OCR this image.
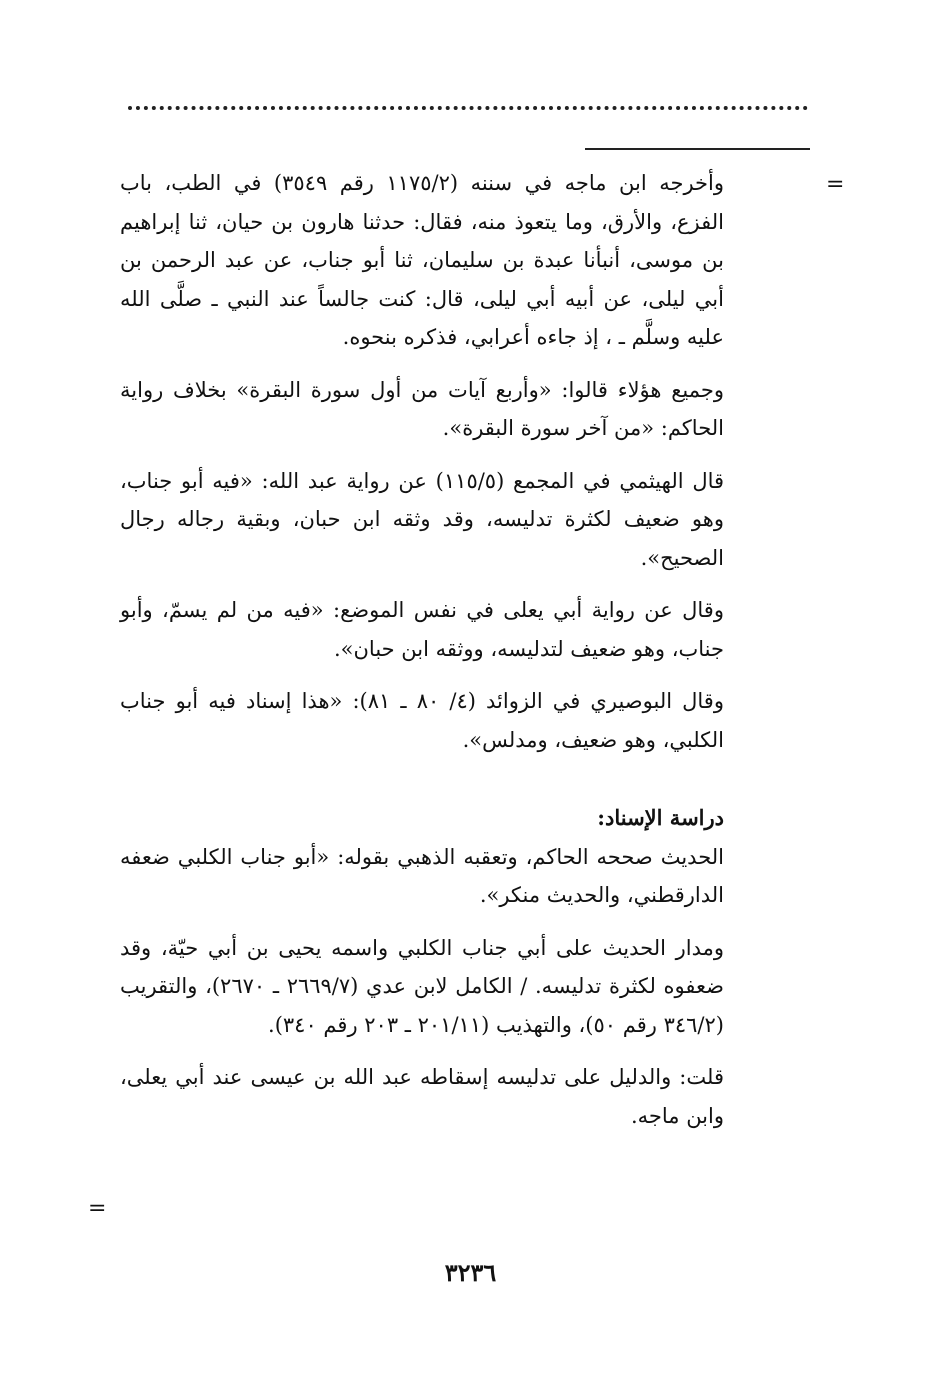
=

وأخرجه ابن ماجه في سننه (١١٧٥/٢ رقم ٣٥٤٩) في الطب، باب الفزع، والأرق، وما يتعوذ منه، فقال: حدثنا هارون بن حيان، ثنا إبراهيم بن موسى، أنبأنا عبدة بن سليمان، ثنا أبو جناب، عن عبد الرحمن بن أبي ليلى، عن أبيه أبي ليلى، قال: كنت جالساً عند النبي ـ صلَّى الله عليه وسلَّم ـ ، إذ جاءه أعرابي، فذكره بنحوه.

وجميع هؤلاء قالوا: «وأربع آيات من أول سورة البقرة» بخلاف رواية الحاكم: «من آخر سورة البقرة».

قال الهيثمي في المجمع (١١٥/٥) عن رواية عبد الله: «فيه أبو جناب، وهو ضعيف لكثرة تدليسه، وقد وثقه ابن حبان، وبقية رجاله رجال الصحيح».

وقال عن رواية أبي يعلى في نفس الموضع: «فيه من لم يسمّ، وأبو جناب، وهو ضعيف لتدليسه، ووثقه ابن حبان».

وقال البوصيري في الزوائد (٤/ ٨٠ ـ ٨١): «هذا إسناد فيه أبو جناب الكلبي، وهو ضعيف، ومدلس».

دراسة الإسناد:

الحديث صححه الحاكم، وتعقبه الذهبي بقوله: «أبو جناب الكلبي ضعفه الدارقطني، والحديث منكر».

ومدار الحديث على أبي جناب الكلبي واسمه يحيى بن أبي حيّة، وقد ضعفوه لكثرة تدليسه. / الكامل لابن عدي (٢٦٦٩/٧ ـ ٢٦٧٠)، والتقريب (٣٤٦/٢ رقم ٥٠)، والتهذيب (٢٠١/١١ ـ ٢٠٣ رقم ٣٤٠).

قلت: والدليل على تدليسه إسقاطه عبد الله بن عيسى عند أبي يعلى، وابن ماجه.

=
٣٢٣٦
